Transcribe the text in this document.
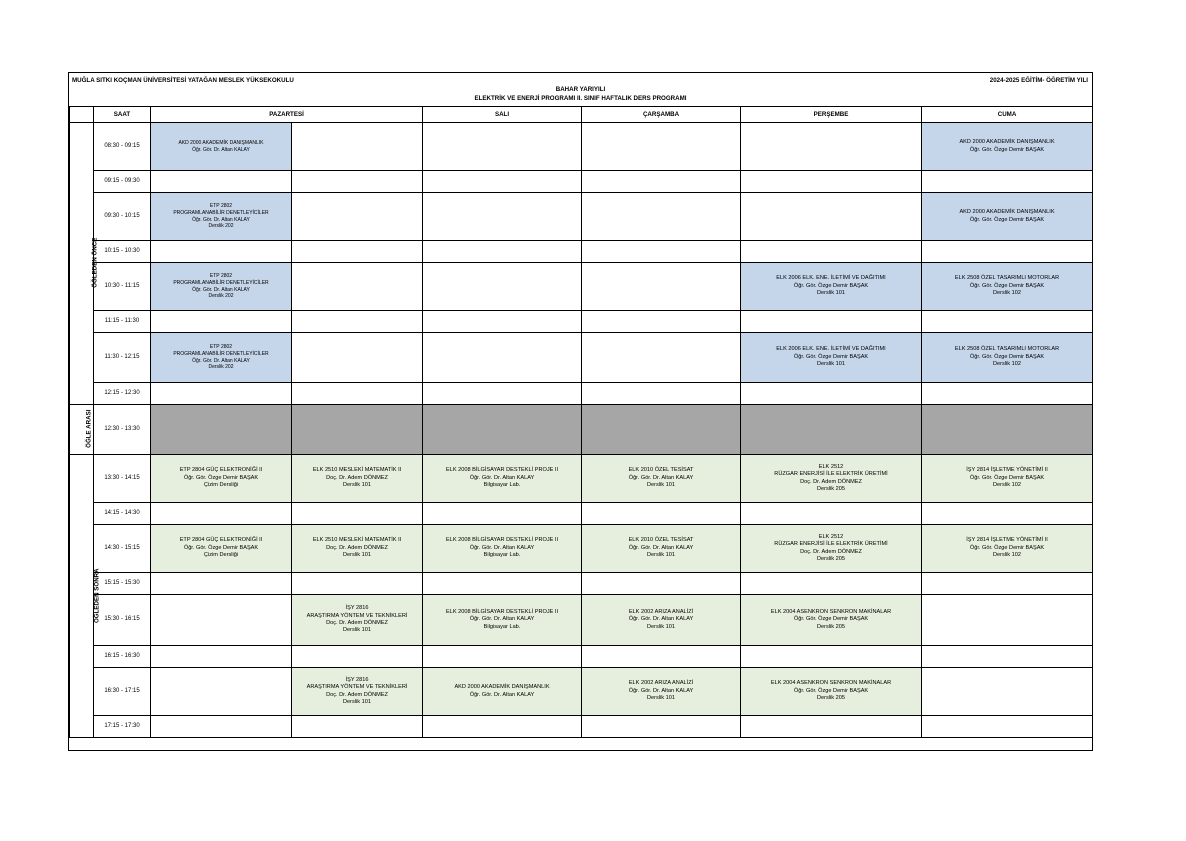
MUĞLA SITKI KOÇMAN ÜNİVERSİTESİ YATAĞAN MESLEK YÜKSEKOKULU	2024-2025 EĞİTİM- ÖĞRETİM YILI
BAHAR YARIYILI
ELEKTRİK VE ENERJİ PROGRAMI II. SINIF HAFTALIK DERS PROGRAMI
	SAAT	PAZARTESİ		SALI	ÇARŞAMBA	PERŞEMBE	CUMA
ÖĞLEDEN ÖNCE	08:30 - 09:15	AKD 2000 AKADEMİK DANIŞMANLIK
Öğr. Gör. Dr. Altan KALAY					AKD 2000 AKADEMİK DANIŞMANLIK
Öğr. Gör. Özge Demir BAŞAK

	09:15 - 09:30						
	09:30 - 10:15	ETP 2802
PROGRAMLANABİLİR DENETLEYİCİLER
Öğr. Gör. Dr. Altan KALAY
Derslik 202					AKD 2000 AKADEMİK DANIŞMANLIK
Öğr. Gör. Özge Demir BAŞAK

	10:15 - 10:30						
	10:30 - 11:15	ETP 2802
PROGRAMLANABİLİR DENETLEYİCİLER
Öğr. Gör. Dr. Altan KALAY
Derslik 202				ELK 2006 ELK. ENE. İLETİMİ VE DAĞITIMI
Öğr. Gör. Özge Demir BAŞAK
Derslik 101	ELK 2508 ÖZEL TASARIMLI MOTORLAR
Öğr. Gör. Özge Demir BAŞAK
Derslik 102

	11:15 - 11:30						
	11:30 - 12:15	ETP 2802
PROGRAMLANABİLİR DENETLEYİCİLER
Öğr. Gör. Dr. Altan KALAY
Derslik 202				ELK 2006 ELK. ENE. İLETİMİ VE DAĞITIMI
Öğr. Gör. Özge Demir BAŞAK
Derslik 101	ELK 2508 ÖZEL TASARIMLI MOTORLAR
Öğr. Gör. Özge Demir BAŞAK
Derslik 102

	12:15 - 12:30						
ÖĞLE ARASI	12:30 - 13:30						
ÖĞLEDEN SONRA	13:30 - 14:15	ETP 2804 GÜÇ ELEKTRONİĞİ II
Öğr. Gör. Özge Demir BAŞAK
Çizim Dersliği	ELK 2510 MESLEKİ MATEMATİK II
Doç. Dr. Adem DÖNMEZ
Derslik 101	ELK 2008 BİLGİSAYAR DESTEKLİ PROJE II
Öğr. Gör. Dr. Altan KALAY
Bilgisayar Lab.	ELK 2010 ÖZEL TESİSAT
Öğr. Gör. Dr. Altan KALAY
Derslik 101	ELK 2512
RÜZGAR ENERJİSİ İLE ELEKTRİK ÜRETİMİ
Doç. Dr. Adem DÖNMEZ
Derslik 205	İŞY 2814 İŞLETME YÖNETİMİ II
Öğr. Gör. Özge Demir BAŞAK
Derslik 102

	14:15 - 14:30						
	14:30 - 15:15	ETP 2804 GÜÇ ELEKTRONİĞİ II
Öğr. Gör. Özge Demir BAŞAK
Çizim Dersliği	ELK 2510 MESLEKİ MATEMATİK II
Doç. Dr. Adem DÖNMEZ
Derslik 101	ELK 2008 BİLGİSAYAR DESTEKLİ PROJE II
Öğr. Gör. Dr. Altan KALAY
Bilgisayar Lab.	ELK 2010 ÖZEL TESİSAT
Öğr. Gör. Dr. Altan KALAY
Derslik 101	ELK 2512
RÜZGAR ENERJİSİ İLE ELEKTRİK ÜRETİMİ
Doç. Dr. Adem DÖNMEZ
Derslik 205	İŞY 2814 İŞLETME YÖNETİMİ II
Öğr. Gör. Özge Demir BAŞAK
Derslik 102

	15:15 - 15:30						
	15:30 - 16:15		İŞY 2816
ARAŞTIRMA YÖNTEM VE TEKNİKLERİ
Doç. Dr. Adem DÖNMEZ
Derslik 101	ELK 2008 BİLGİSAYAR DESTEKLİ PROJE II
Öğr. Gör. Dr. Altan KALAY
Bilgisayar Lab.	ELK 2002 ARIZA ANALİZİ
Öğr. Gör. Dr. Altan KALAY
Derslik 101	ELK 2004 ASENKRON SENKRON MAKİNALAR
Öğr. Gör. Özge Demir BAŞAK
Derslik 205	

	16:15 - 16:30						
	16:30 - 17:15		İŞY 2816
ARAŞTIRMA YÖNTEM VE TEKNİKLERİ
Doç. Dr. Adem DÖNMEZ
Derslik 101	AKD 2000 AKADEMİK DANIŞMANLIK
Öğr. Gör. Dr. Altan KALAY	ELK 2002 ARIZA ANALİZİ
Öğr. Gör. Dr. Altan KALAY
Derslik 101	ELK 2004 ASENKRON SENKRON MAKİNALAR
Öğr. Gör. Özge Demir BAŞAK
Derslik 205	

	17:15 - 17:30						
